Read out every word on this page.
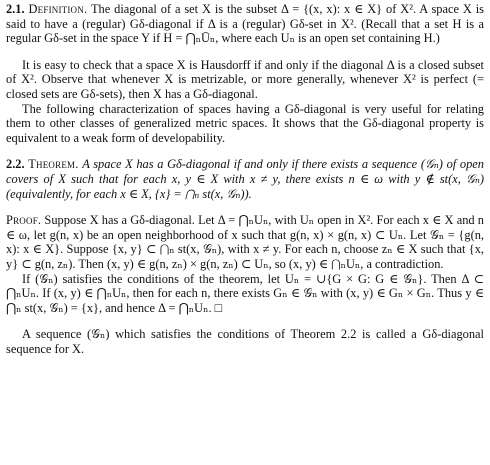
2.1. Definition. The diagonal of a set X is the subset Δ = {(x, x): x ∈ X} of X². A space X is said to have a (regular) Gδ-diagonal if Δ is a (regular) Gδ-set in X². (Recall that a set H is a regular Gδ-set in the space Y if H = ⋂ₙŪₙ, where each Uₙ is an open set containing H.)

It is easy to check that a space X is Hausdorff if and only if the diagonal Δ is a closed subset of X². Observe that whenever X is metrizable, or more generally, whenever X² is perfect (= closed sets are Gδ-sets), then X has a Gδ-diagonal.

The following characterization of spaces having a Gδ-diagonal is very useful for relating them to other classes of generalized metric spaces. It shows that the Gδ-diagonal property is equivalent to a weak form of developability.

2.2. Theorem. A space X has a Gδ-diagonal if and only if there exists a sequence (𝒢ₙ) of open covers of X such that for each x, y ∈ X with x ≠ y, there exists n ∈ ω with y ∉ st(x, 𝒢ₙ) (equivalently, for each x ∈ X, {x} = ⋂ₙ st(x, 𝒢ₙ)).

Proof. Suppose X has a Gδ-diagonal. Let Δ = ⋂ₙUₙ, with Uₙ open in X². For each x ∈ X and n ∈ ω, let g(n, x) be an open neighborhood of x such that g(n, x) × g(n, x) ⊂ Uₙ. Let 𝒢ₙ = {g(n, x): x ∈ X}. Suppose {x, y} ⊂ ⋂ₙ st(x, 𝒢ₙ), with x ≠ y. For each n, choose zₙ ∈ X such that {x, y} ⊂ g(n, zₙ). Then (x, y) ∈ g(n, zₙ) × g(n, zₙ) ⊂ Uₙ, so (x, y) ∈ ⋂ₙUₙ, a contradiction.

If (𝒢ₙ) satisfies the conditions of the theorem, let Uₙ = ∪{G × G: G ∈ 𝒢ₙ}. Then Δ ⊂ ⋂ₙUₙ. If (x, y) ∈ ⋂ₙUₙ, then for each n, there exists Gₙ ∈ 𝒢ₙ with (x, y) ∈ Gₙ × Gₙ. Thus y ∈ ⋂ₙ st(x, 𝒢ₙ) = {x}, and hence Δ = ⋂ₙUₙ. □

A sequence (𝒢ₙ) which satisfies the conditions of Theorem 2.2 is called a Gδ-diagonal sequence for X.
